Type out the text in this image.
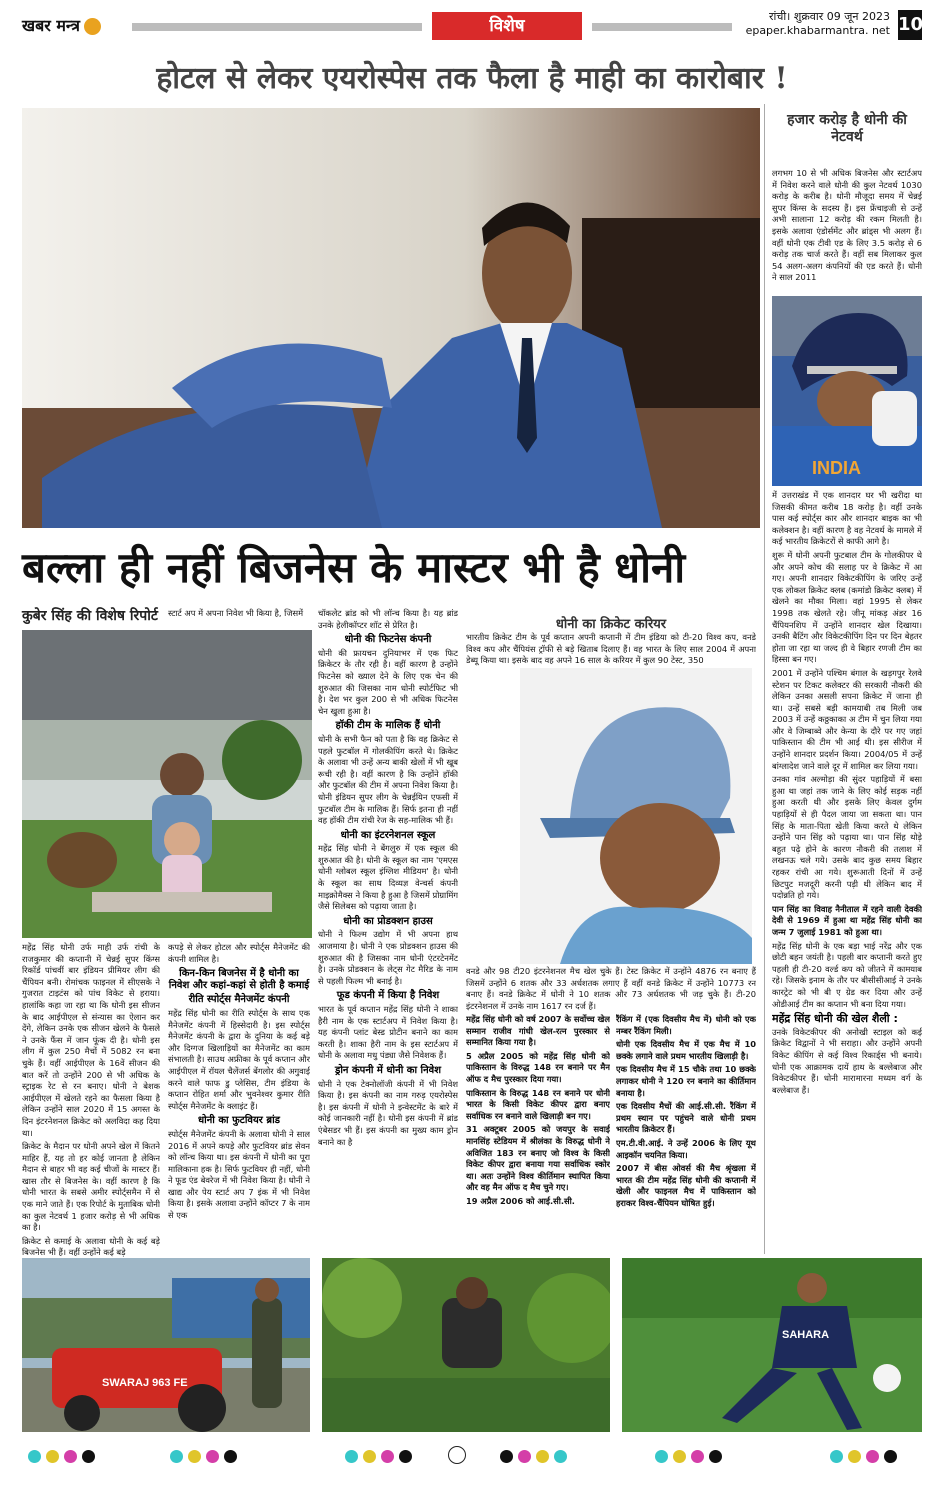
खबर मन्त्र	विशेष	रांची। शुक्रवार 09 जून 2023
epaper.khabarmantra. net 10
होटल से लेकर एयरोस्पेस तक फैला है माही का कारोबार !
बल्ला ही नहीं बिजनेस के मास्टर भी है धोनी
कुबेर सिंह की विशेष रिपोर्ट

महेंद्र सिंह धोनी उर्फ माही उर्फ रांची के राजकुमार की कप्तानी में चेन्नई सुपर किंग्स रिकॉर्ड पांचवीं बार इंडियन प्रीमियर लीग की चैंपियन बनी। रोमांचक फाइनल में सीएसके ने गुजरात टाइटंस को पांच विकेट से हराया। हालांकि कहा जा रहा था कि धोनी इस सीजन के बाद आईपीएल से संन्यास का ऐलान कर देंगे, लेकिन उनके एक सीजन खेलने के फैसले ने उनके फैंस में जान फूंक दी है। धोनी इस लीग में कुल 250 मैचों में 5082 रन बना चुके हैं। वहीं आईपीएल के 16वें सीजन की बात करें तो उन्होंने 200 से भी अधिक के स्ट्राइक रेट से रन बनाए। धोनी ने बेशक आईपीएल में खेलते रहने का फैसला किया है लेकिन उन्होंने साल 2020 में 15 अगस्त के दिन इंटरनेशनल क्रिकेट को अलविदा कह दिया था।

क्रिकेट के मैदान पर धोनी अपने खेल में कितने माहिर हैं, यह तो हर कोई जानता है लेकिन मैदान से बाहर भी वह कई चीजों के मास्टर हैं। खास तौर से बिजनेस के। वहीं कारण है कि धोनी भारत के सबसे अमीर स्पोर्ट्समैन में से एक माने जाते हैं। एक रिपोर्ट के मुताबिक धोनी का कुल नेटवर्थ 1 हजार करोड़ से भी अधिक का है।

क्रिकेट से कमाई के अलावा धोनी के कई बड़े बिजनेस भी हैं। वहीं उन्होंने कई बड़े

स्टार्ट अप में अपना निवेश भी किया है, जिसमें

कपड़े से लेकर होटल और स्पोर्ट्स मैनेजमेंट की कंपनी शामिल है।

किन-किन बिजनेस में है धोनी का निवेश और कहां-कहां से होती है कमाई
रीति स्पोर्ट्स मैनेजमेंट कंपनी

महेंद्र सिंह धोनी का रीति स्पोर्ट्स के साथ एक मैनेजमेंट कंपनी में हिस्सेदारी है। इस स्पोर्ट्स मैनेजमेंट कंपनी के द्वारा के दुनिया के कई बड़े और दिग्गज खिलाड़ियों का मैनेजमेंट का काम संभालती है। साउथ अफ्रीका के पूर्व कप्तान और आईपीएल में रॉयल चैलेंजर्स बेंगलोर की अगुवाई करने वाले फाफ डु प्लेसिस, टीम इंडिया के कप्तान रोहित शर्मा और भुवनेश्वर कुमार रीति स्पोर्ट्स मैनेजमेंट के क्लाइंट हैं।

धोनी का फुटवियर ब्रांड

स्पोर्ट्स मैनेजमेंट कंपनी के अलावा धोनी ने साल 2016 में अपने कपड़े और फुटवियर ब्रांड सेवन को लॉन्च किया था। इस कंपनी में धोनी का पूरा मालिकाना हक है। सिर्फ फुटवियर ही नहीं, धोनी ने फूड एंड बेवरेज में भी निवेश किया है। धोनी ने खाद्य और पेय स्टार्ट अप 7 इंक में भी निवेश किया है। इसके अलावा उन्होंने कॉप्टर 7 के नाम से एक

चॉकलेट ब्रांड को भी लॉन्च किया है। यह ब्रांड उनके हेलीकॉप्टर शॉट से प्रेरित है।

धोनी की फिटनेस कंपनी

धोनी की फ्रायचन दुनियाभर में एक फिट क्रिकेटर के तौर रही है। वहीं कारण है उन्होंने फिटनेस को ख्याल देने के लिए एक चेन की शुरुआत की जिसका नाम धोनी स्पोर्टफिट भी है। देश भर कुल 200 से भी अधिक फिटनेस चेन खुला हुआ है।

हॉकी टीम के मालिक हैं धोनी

धोनी के सभी फैन को पता है कि वह क्रिकेट से पहले फुटबॉल में गोलकीपिंग करते थे। क्रिकेट के अलावा भी उन्हें अन्य बाकी खेलों में भी खूब रूची रही है। वहीं कारण है कि उन्होंने हॉकी और फुटबॉल की टीम में अपना निवेश किया है। धोनी इंडियन सुपर लीग के चेन्नईयिन एफसी में फुटबॉल टीम के मालिक हैं। सिर्फ इतना ही नहीं वह हॉकी टीम रांची रेज के सह-मालिक भी हैं।

धोनी का इंटरनेशनल स्कूल

महेंद्र सिंह धोनी ने बेंगलुरु में एक स्कूल की शुरुआत की है। धोनी के स्कूल का नाम 'एमएस धोनी ग्लोबल स्कूल इंग्लिश मीडियम' है। धोनी के स्कूल का साथ दिव्यज्ञ वेन्चर्स कंपनी माइक्रोमैक्स ने किया है हुआ है जिसमें प्रोग्रामिंग जैसे सिलेबस को पढ़ाया जाता है।

धोनी का प्रोडक्शन हाउस

धोनी ने फिल्म उद्योग में भी अपना हाथ आजमाया है। धोनी ने एक प्रोडक्शन हाउस की शुरुआत की है जिसका नाम धोनी एंटरटेनमेंट है। उनके प्रोडक्शन के लेट्स गेट मैरिड के नाम से पहली फिल्म भी बनाई है।

फूड कंपनी में किया है निवेश

भारत के पूर्व कप्तान महेंद्र सिंह धोनी ने शाका हैरी नाम के एक स्टार्टअप में निवेश किया है। यह कंपनी प्लांट बेस्ड प्रोटीन बनाने का काम करती है। शाका हैरी नाम के इस स्टार्टअप में धोनी के अलावा मधु पंड्या जैसे निवेशक हैं।

ड्रोन कंपनी में धोनी का निवेश

धोनी ने एक टेक्नोलॉजी कंपनी में भी निवेश किया है। इस कंपनी का नाम गरुड़ एयरोस्पेस है। इस कंपनी में धोनी ने इन्वेस्टमेंट के बारे में कोई जानकारी नहीं है। धोनी इस कंपनी में ब्रांड एंबेसडर भी हैं। इस कंपनी का मुख्य काम ड्रोन बनाने का है

धोनी का क्रिकेट करियर

भारतीय क्रिकेट टीम के पूर्व कप्तान अपनी कप्तानी में टीम इंडिया को टी-20 विश्व कप, वनडे विश्व कप और चैंपियंस ट्रॉफी से बड़े खिताब दिलाए हैं। वह भारत के लिए साल 2004 में अपना डेब्यू किया था। इसके बाद वह अपने 16 साल के करियर में कुल 90 टेस्ट, 350

वनडे और 98 टी20 इंटरनेशनल मैच खेल चुके हैं। टेस्ट क्रिकेट में उन्होंने 4876 रन बनाए हैं जिसमें उन्होंने 6 शतक और 33 अर्धशतक लगाए हैं वहीं वनडे क्रिकेट में उन्होंने 10773 रन बनाए हैं। वनडे क्रिकेट में धोनी ने 10 शतक और 73 अर्धशतक भी जड़ चुके हैं। टी-20 इंटरनेशनल में उनके नाम 1617 रन दर्ज हैं।

महेंद्र सिंह धोनी को वर्ष 2007 के सर्वोच्च खेल सम्मान राजीव गांधी खेल-रत्न पुरस्कार से सम्मानित किया गया है।

5 अप्रैल 2005 को महेंद्र सिंह धोनी को पाकिस्तान के विरुद्ध 148 रन बनाने पर मैन ऑफ द मैच पुरस्कार दिया गया।

पाकिस्तान के विरुद्ध 148 रन बनाने पर धोनी भारत के किसी विकेट कीपर द्वारा बनाए सर्वाधिक रन बनाने वाले खिलाड़ी बन गए।

31 अक्टूबर 2005 को जयपुर के सवाई मानसिंह स्टेडियम में श्रीलंका के विरुद्ध धोनी ने अविजित 183 रन बनाए जो विश्व के किसी विकेट कीपर द्वारा बनाया गया सर्वाधिक स्कोर था। अतः उन्होंने विश्व कीर्तिमान स्थापित किया और वह मैन ऑफ द मैच चुने गए।

19 अप्रैल 2006 को आई.सी.सी.

रैंकिंग में (एक दिवसीय मैच में) धोनी को एक नम्बर रैंकिंग मिली।

धोनी एक दिवसीय मैच में एक मैच में 10 छक्के लगाने वाले प्रथम भारतीय खिलाड़ी है।

एक दिवसीय मैच में 15 चौके तथा 10 छक्के लगाकर धोनी ने 120 रन बनाने का कीर्तिमान बनाया है।

एक दिवसीय मैचों की आई.सी.सी. रैंकिंग में प्रथम स्थान पर पहुंचने वाले धोनी प्रथम भारतीय क्रिकेटर हैं।

एम.टी.वी.आई. ने उन्हें 2006 के लिए यूथ आइकॉन चयनित किया।

2007 में बीस ओवर्स की मैच श्रृंखला में भारत की टीम महेंद्र सिंह धोनी की कप्तानी में खेली और फाइनल मैच में पाकिस्तान को हराकर विश्व-चैंपियन घोषित हुई।

हजार करोड़ है धोनी की नेटवर्थ

लगभग 10 से भी अधिक बिजनेस और स्टार्टअप में निवेश करने वाले धोनी की कुल नेटवर्थ 1030 करोड़ के करीब है। धोनी मौजूदा समय में चेन्नई सुपर किंग्स के सदस्य हैं। इस फ्रेंचाइजी से उन्हें अभी सालाना 12 करोड़ की रकम मिलती है। इसके अलावा एंडोर्समेंट और ब्रांड्स भी अलग हैं। वहीं धोनी एक टीवी एड के लिए 3.5 करोड़ से 6 करोड़ तक चार्ज करते हैं। वहीं सब मिलाकर कुल 54 अलग-अलग कंपनियों की एड करते हैं। धोनी ने साल 2011

INDIA

में उत्तराखंड में एक शानदार घर भी खरीदा था जिसकी कीमत करीब 18 करोड़ है। वहीं उनके पास कई स्पोर्ट्स कार और शानदार बाइक का भी कलेक्शन है। वहीं कारण है वह नेटवर्थ के मामले में कई भारतीय क्रिकेटरों से काफी आगे है।

शुरू में धोनी अपनी फुटबाल टीम के गोलकीपर थे और अपने कोच की सलाह पर वे क्रिकेट में आ गए। अपनी शानदार विकेटकीपिंग के जरिए उन्हें एक लोकल क्रिकेट क्लब (कमांडो क्रिकेट क्लब) में खेलने का मौका मिला। वहां 1995 से लेकर 1998 तक खेलते रहे। जीनू मांकड़ अंडर 16 चैंपियनशिप में उन्होंने शानदार खेल दिखाया। उनकी बैटिंग और विकेटकीपिंग दिन पर दिन बेहतर होता जा रहा था जल्द ही वे बिहार रणजी टीम का हिस्सा बन गए।

2001 में उन्होंने पश्चिम बंगाल के खड़गपुर रेलवे स्टेशन पर टिकट कलेक्टर की सरकारी नौकरी की लेकिन उनका असली सपना क्रिकेट में जाना ही था। उन्हें सबसे बड़ी कामयाबी तब मिली जब 2003 में उन्हें कठ्ठकाका अ टीम में चुन लिया गया और वे जिम्बाब्वे और केन्या के दौरे पर गए जहां पाकिस्तान की टीम भी आई थी। इस सीरीज में उन्होंने शानदार प्रदर्शन किया। 2004/05 में उन्हें बांग्लादेश जाने वाले दूर में शामिल कर लिया गया।

उनका गांव अल्मोड़ा की सुंदर पहाड़ियों में बसा हुआ था जहां तक जाने के लिए कोई सड़क नहीं हुआ करती थी और इसके लिए केवल दुर्गम पहाड़ियों से ही पैदल जाया जा सकता था। पान सिंह के माता-पिता खेती किया करते थे लेकिन उन्होंने पान सिंह को पढ़ाया था। पान सिंह थोड़े बहुत पढ़े होने के कारण नौकरी की तलाश में लखनऊ चले गये। उसके बाद कुछ समय बिहार रहकर रांची आ गये। शुरूआती दिनों में उन्हें छिटपुट मजदूरी करनी पड़ी थी लेकिन बाद में पदोन्नति हो गये।

पान सिंह का विवाह नैनीताल में रहने वाली देवकी देवी से 1969 में हुआ था महेंद्र सिंह धोनी का जन्म 7 जुलाई 1981 को हुआ था।

महेंद्र सिंह धोनी के एक बड़ा भाई नरेंद्र और एक छोटी बहन जयंती है। पहली बार कप्तानी करते हुए पहली ही टी-20 वर्ल्ड कप को जीतने में कामयाब रहे। जिसके इनाम के तौर पर बीसीसीआई ने उनके कारट्रेट को भी बी ए ग्रेड कर दिया और उन्हें ओडीआई टीम का कप्तान भी बना दिया गया।

महेंद्र सिंह धोनी की खेल शैली :

उनके विकेटकीपर की अनोखी स्टाइल को कई क्रिकेट विद्वानों ने भी सराहा। और उन्होंने अपनी विकेट कीपिंग से कई विश्व रिकार्ड्स भी बनाये। धोनी एक आक्रामक दायें हाथ के बल्लेबाज और विकेटकीपर हैं। धोनी मारामारना मध्यम वर्ग के बल्लेबाज हैं।

SWARAJ 963 FE
SAHARA
